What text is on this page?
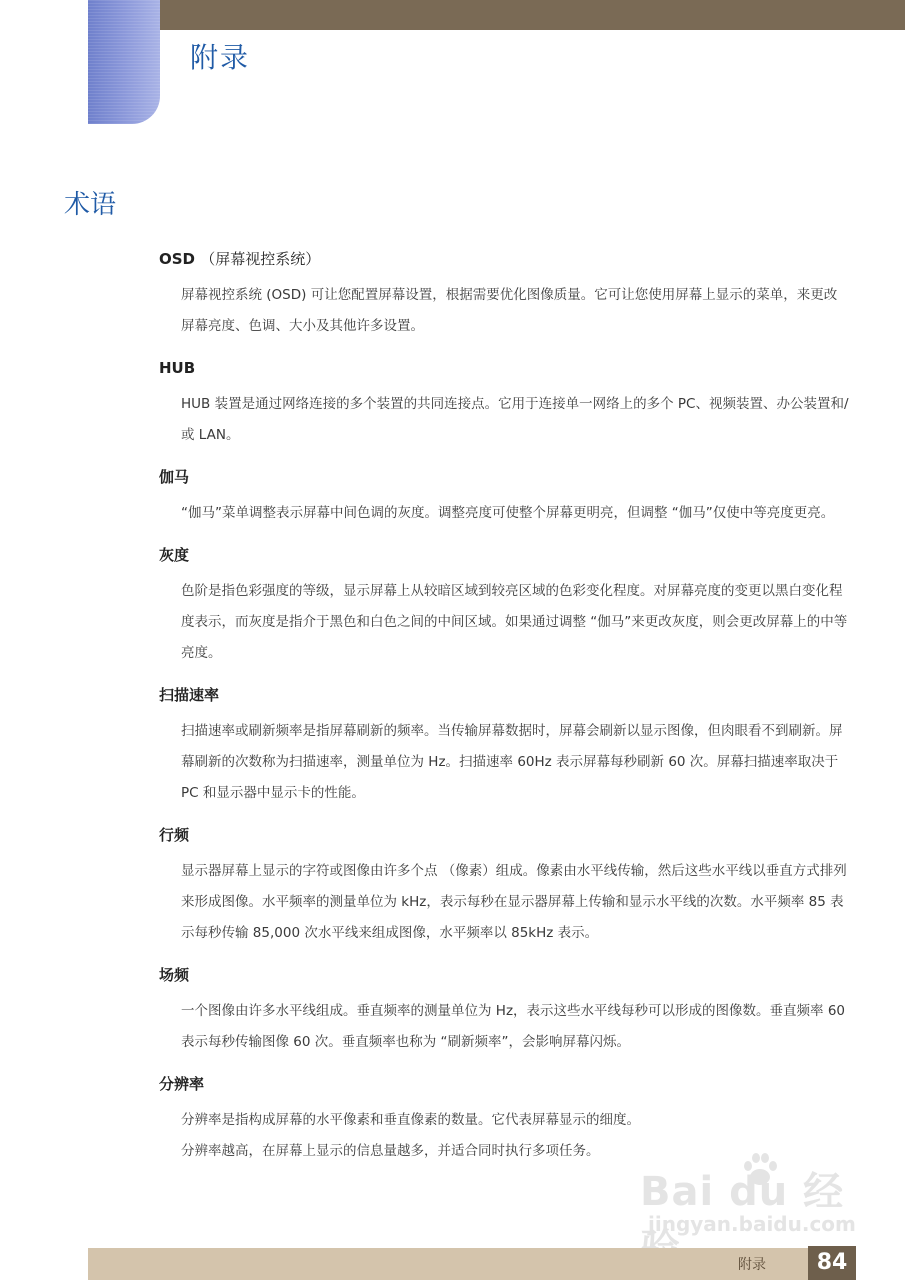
附录
术语
OSD （屏幕视控系统）

屏幕视控系统 (OSD) 可让您配置屏幕设置，根据需要优化图像质量。它可让您使用屏幕上显示的菜单，来更改屏幕亮度、色调、大小及其他许多设置。

HUB

HUB 装置是通过网络连接的多个装置的共同连接点。它用于连接单一网络上的多个 PC、视频装置、办公装置和/或 LAN。

伽马

“伽马”菜单调整表示屏幕中间色调的灰度。调整亮度可使整个屏幕更明亮，但调整 “伽马”仅使中等亮度更亮。

灰度

色阶是指色彩强度的等级，显示屏幕上从较暗区域到较亮区域的色彩变化程度。对屏幕亮度的变更以黑白变化程度表示，而灰度是指介于黑色和白色之间的中间区域。如果通过调整 “伽马”来更改灰度，则会更改屏幕上的中等亮度。

扫描速率

扫描速率或刷新频率是指屏幕刷新的频率。当传输屏幕数据时，屏幕会刷新以显示图像，但肉眼看不到刷新。屏幕刷新的次数称为扫描速率，测量单位为 Hz。扫描速率 60Hz 表示屏幕每秒刷新 60 次。屏幕扫描速率取决于 PC 和显示器中显示卡的性能。

行频

显示器屏幕上显示的字符或图像由许多个点 （像素）组成。像素由水平线传输，然后这些水平线以垂直方式排列来形成图像。水平频率的测量单位为 kHz，表示每秒在显示器屏幕上传输和显示水平线的次数。水平频率 85 表示每秒传输 85,000 次水平线来组成图像，水平频率以 85kHz 表示。

场频

一个图像由许多水平线组成。垂直频率的测量单位为 Hz，表示这些水平线每秒可以形成的图像数。垂直频率 60 表示每秒传输图像 60 次。垂直频率也称为 “刷新频率”，会影响屏幕闪烁。

分辨率

分辨率是指构成屏幕的水平像素和垂直像素的数量。它代表屏幕显示的细度。

分辨率越高，在屏幕上显示的信息量越多，并适合同时执行多项任务。

Bai du 经
jingyan.baidu.com
附录	84
